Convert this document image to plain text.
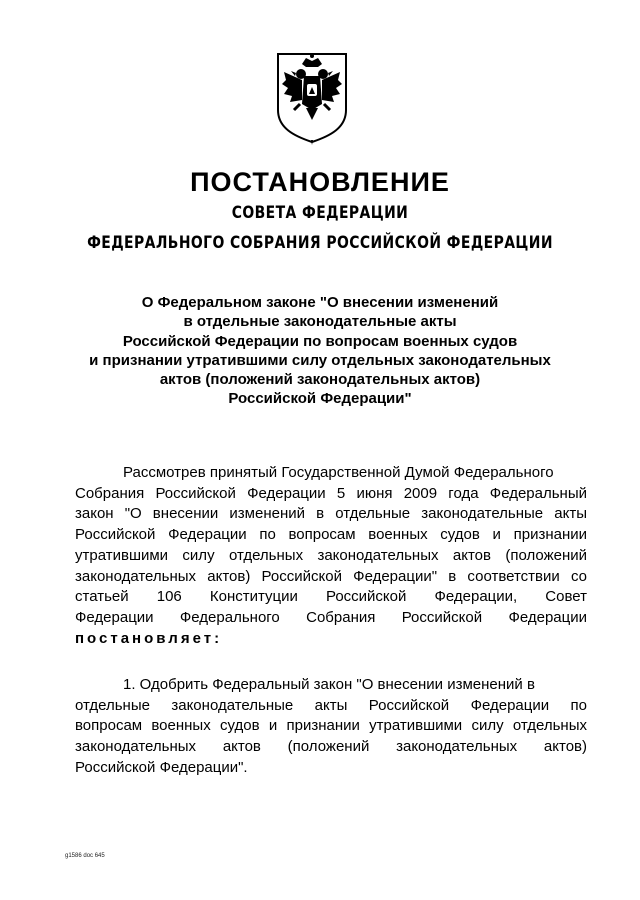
ПОСТАНОВЛЕНИЕ
СОВЕТА ФЕДЕРАЦИИ
ФЕДЕРАЛЬНОГО СОБРАНИЯ РОССИЙСКОЙ ФЕДЕРАЦИИ
О Федеральном законе "О внесении изменений
в отдельные законодательные акты
Российской Федерации по вопросам военных судов
и признании утратившими силу отдельных законодательных
актов (положений законодательных актов)
Российской Федерации"
Рассмотрев принятый Государственной Думой Федерального
Собрания Российской Федерации 5 июня 2009 года Федеральный
закон "О внесении изменений в отдельные законодательные акты
Российской Федерации по вопросам военных судов и признании
утратившими силу отдельных законодательных актов (положений
законодательных актов) Российской Федерации" в соответствии со
статьей 106 Конституции Российской Федерации, Совет
Федерации Федерального Собрания Российской Федерации
постановляет:
1. Одобрить Федеральный закон "О внесении изменений в
отдельные законодательные акты Российской Федерации по
вопросам военных судов и признании утратившими силу отдельных
законодательных актов (положений законодательных актов)
Российской Федерации".
g1586 doc 645
